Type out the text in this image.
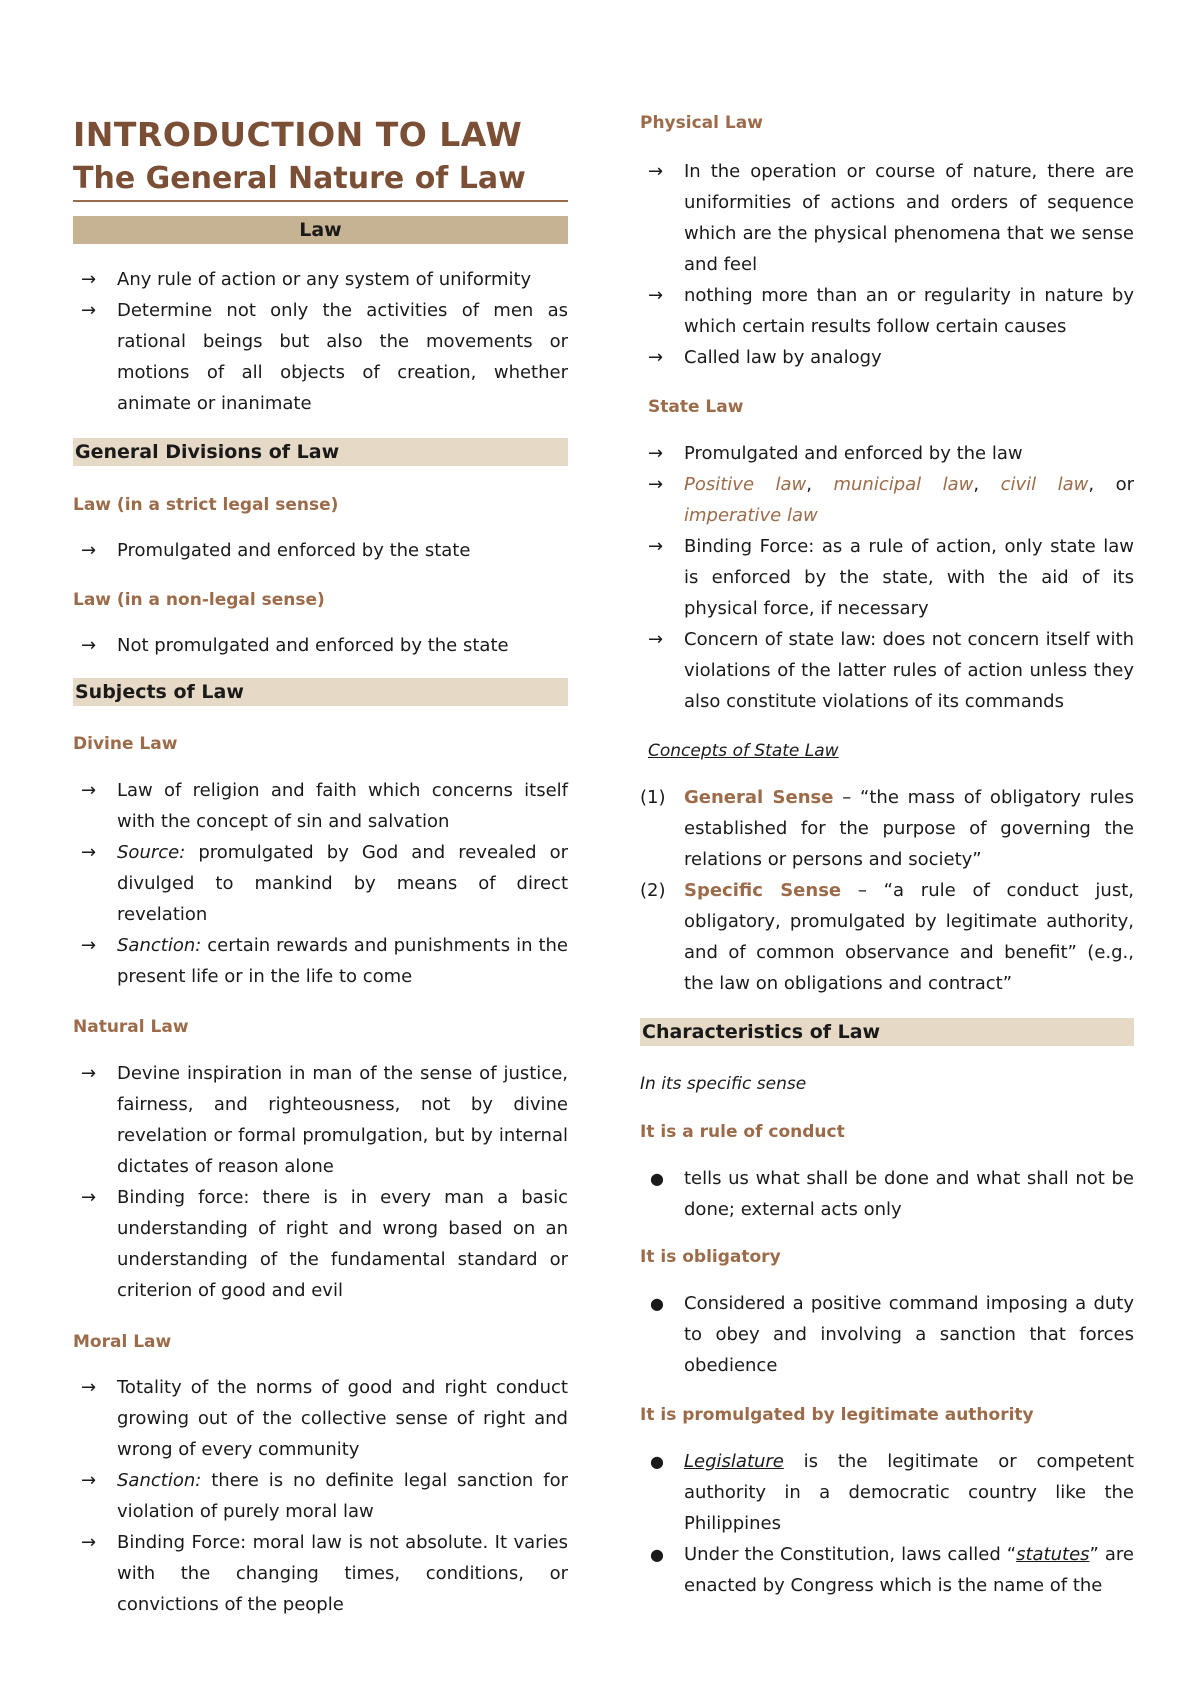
INTRODUCTION TO LAW
The General Nature of Law
Law
→ Any rule of action or any system of uniformity
→ Determine not only the activities of men as rational beings but also the movements or motions of all objects of creation, whether animate or inanimate
General Divisions of Law

Law (in a strict legal sense)

→ Promulgated and enforced by the state

Law (in a non-legal sense)

→ Not promulgated and enforced by the state
Subjects of Law

Divine Law

→ Law of religion and faith which concerns itself with the concept of sin and salvation
→ Source: promulgated by God and revealed or divulged to mankind by means of direct revelation
→ Sanction: certain rewards and punishments in the present life or in the life to come

Natural Law

→ Devine inspiration in man of the sense of justice, fairness, and righteousness, not by divine revelation or formal promulgation, but by internal dictates of reason alone
→ Binding force: there is in every man a basic understanding of right and wrong based on an understanding of the fundamental standard or criterion of good and evil

Moral Law

→ Totality of the norms of good and right conduct growing out of the collective sense of right and wrong of every community
→ Sanction: there is no definite legal sanction for violation of purely moral law
→ Binding Force: moral law is not absolute. It varies with the changing times, conditions, or convictions of the people

Physical Law

→ In the operation or course of nature, there are uniformities of actions and orders of sequence which are the physical phenomena that we sense and feel
→ nothing more than an or regularity in nature by which certain results follow certain causes
→ Called law by analogy

State Law

→ Promulgated and enforced by the law
→ Positive law, municipal law, civil law, or imperative law
→ Binding Force: as a rule of action, only state law is enforced by the state, with the aid of its physical force, if necessary
→ Concern of state law: does not concern itself with violations of the latter rules of action unless they also constitute violations of its commands

Concepts of State Law

(1) General Sense – “the mass of obligatory rules established for the purpose of governing the relations or persons and society”
(2) Specific Sense – “a rule of conduct just, obligatory, promulgated by legitimate authority, and of common observance and benefit” (e.g., the law on obligations and contract”
Characteristics of Law

In its specific sense

It is a rule of conduct

● tells us what shall be done and what shall not be done; external acts only

It is obligatory

● Considered a positive command imposing a duty to obey and involving a sanction that forces obedience

It is promulgated by legitimate authority

● Legislature is the legitimate or competent authority in a democratic country like the Philippines
● Under the Constitution, laws called “statutes” are enacted by Congress which is the name of the
